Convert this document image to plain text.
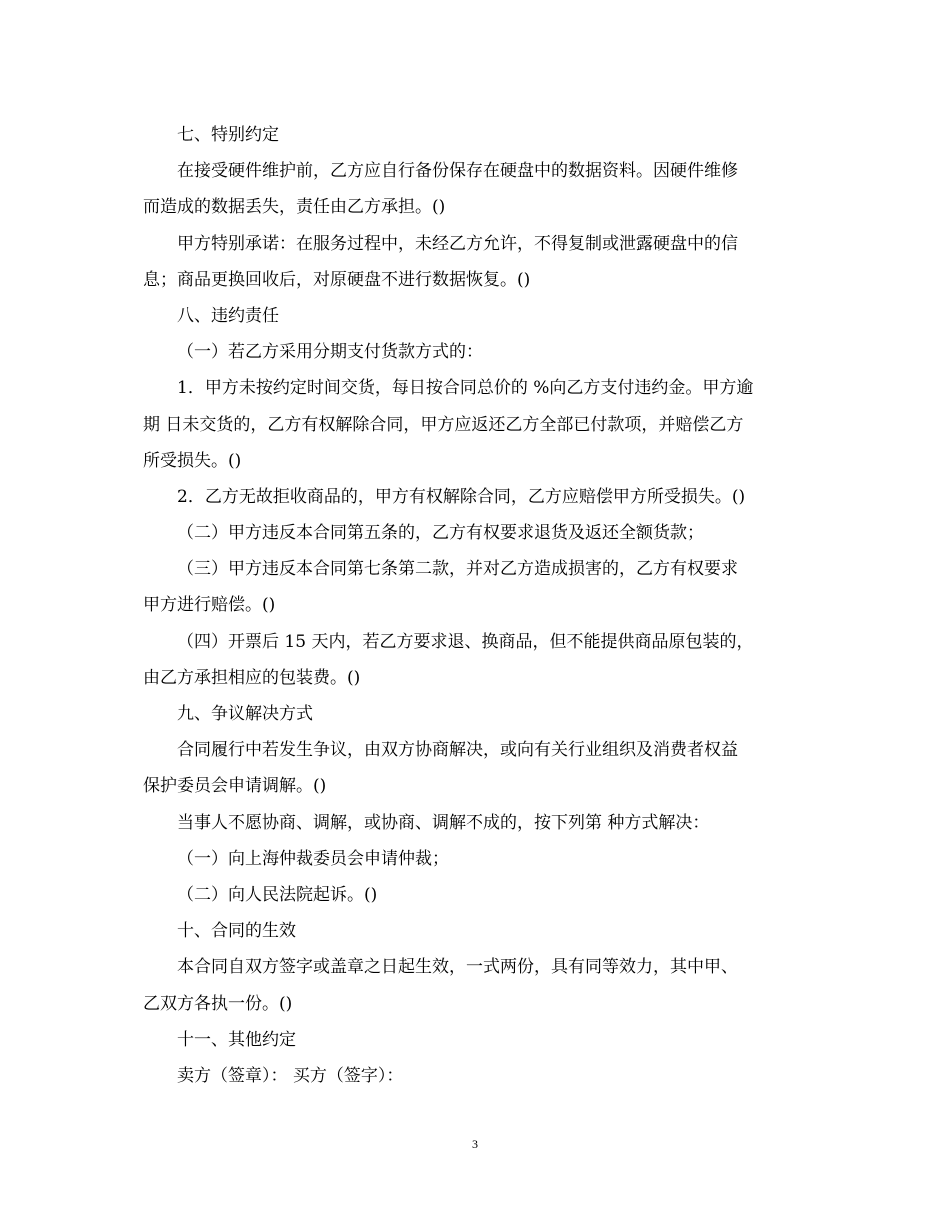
七、特别约定
在接受硬件维护前，乙方应自行备份保存在硬盘中的数据资料。因硬件维修
而造成的数据丢失，责任由乙方承担。()
甲方特别承诺：在服务过程中，未经乙方允许，不得复制或泄露硬盘中的信
息；商品更换回收后，对原硬盘不进行数据恢复。()
八、违约责任
（一）若乙方采用分期支付货款方式的：
1．甲方未按约定时间交货，每日按合同总价的 %向乙方支付违约金。甲方逾
期 日未交货的，乙方有权解除合同，甲方应返还乙方全部已付款项，并赔偿乙方
所受损失。()
2．乙方无故拒收商品的，甲方有权解除合同，乙方应赔偿甲方所受损失。()
（二）甲方违反本合同第五条的，乙方有权要求退货及返还全额货款；
（三）甲方违反本合同第七条第二款，并对乙方造成损害的，乙方有权要求
甲方进行赔偿。()
（四）开票后 15 天内，若乙方要求退、换商品，但不能提供商品原包装的，
由乙方承担相应的包装费。()
九、争议解决方式
合同履行中若发生争议，由双方协商解决，或向有关行业组织及消费者权益
保护委员会申请调解。()
当事人不愿协商、调解，或协商、调解不成的，按下列第 种方式解决：
（一）向上海仲裁委员会申请仲裁；
（二）向人民法院起诉。()
十、合同的生效
本合同自双方签字或盖章之日起生效，一式两份，具有同等效力，其中甲、
乙双方各执一份。()
十一、其他约定
卖方（签章）： 买方（签字）：
3
